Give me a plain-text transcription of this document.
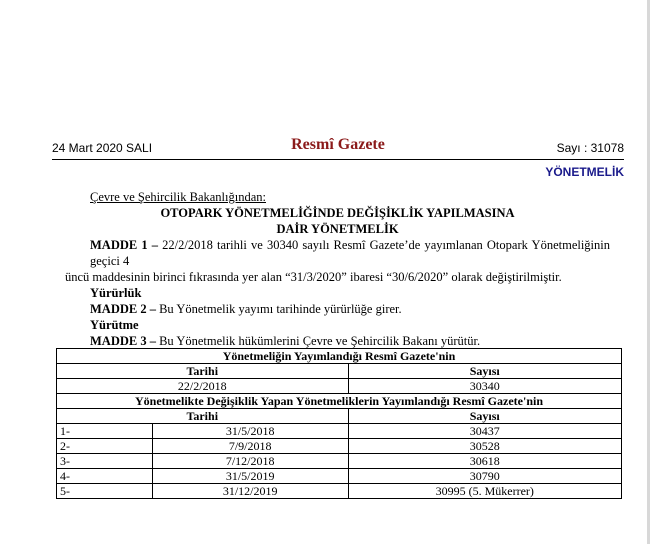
24 Mart 2020 SALI	Resmî Gazete	Sayı : 31078
YÖNETMELİK

Çevre ve Şehircilik Bakanlığından:

OTOPARK YÖNETMELİĞİNDE DEĞİŞİKLİK YAPILMASINA

DAİR YÖNETMELİK

MADDE 1 – 22/2/2018 tarihli ve 30340 sayılı Resmî Gazete’de yayımlanan Otopark Yönetmeliğinin geçici 4

üncü maddesinin birinci fıkrasında yer alan “31/3/2020” ibaresi “30/6/2020” olarak değiştirilmiştir.

Yürürlük

MADDE 2 – Bu Yönetmelik yayımı tarihinde yürürlüğe girer.

Yürütme

MADDE 3 – Bu Yönetmelik hükümlerini Çevre ve Şehircilik Bakanı yürütür.

Yönetmeliğin Yayımlandığı Resmî Gazete'nin		
Tarihi		Sayısı
22/2/2018		30340
Yönetmelikte Değişiklik Yapan Yönetmeliklerin Yayımlandığı Resmî Gazete'nin		
Tarihi		Sayısı
1-	31/5/2018	30437
2-	7/9/2018	30528
3-	7/12/2018	30618
4-	31/5/2019	30790
5-	31/12/2019	30995 (5. Mükerrer)
